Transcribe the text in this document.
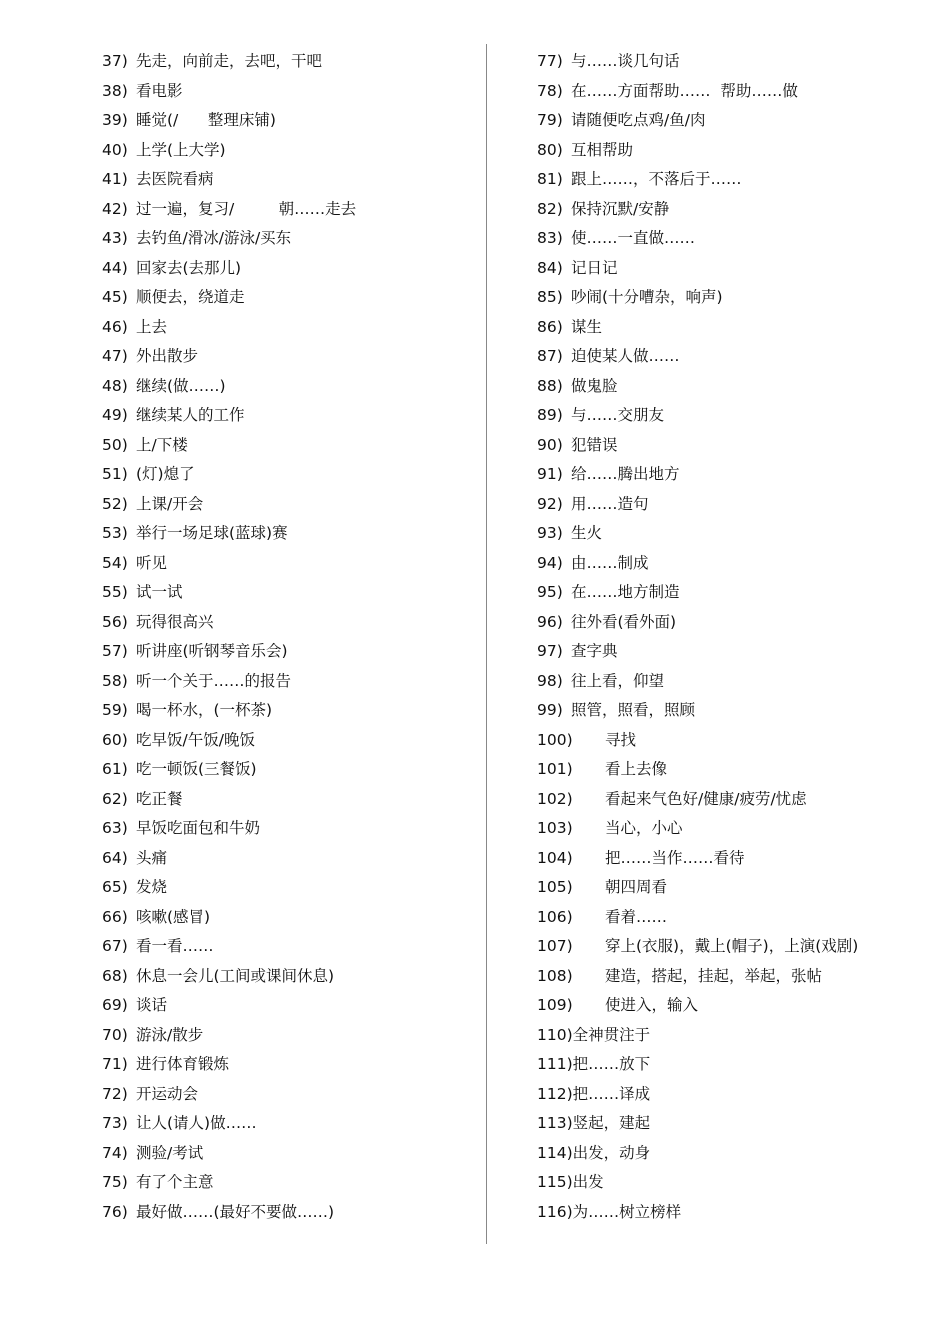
37) 先走，向前走，去吧，干吧
38) 看电影
39) 睡觉(/      整理床铺)
40) 上学(上大学)
41) 去医院看病
42) 过一遍，复习/         朝……走去
43) 去钓鱼/滑冰/游泳/买东
44) 回家去(去那儿)
45) 顺便去，绕道走
46) 上去
47) 外出散步
48) 继续(做……)
49) 继续某人的工作
50) 上/下楼
51) (灯)熄了
52) 上课/开会
53) 举行一场足球(蓝球)赛
54) 听见
55) 试一试
56) 玩得很高兴
57) 听讲座(听钢琴音乐会)
58) 听一个关于……的报告
59) 喝一杯水，(一杯茶)
60) 吃早饭/午饭/晚饭
61) 吃一顿饭(三餐饭)
62) 吃正餐
63) 早饭吃面包和牛奶
64) 头痛
65) 发烧
66) 咳嗽(感冒)
67) 看一看……
68) 休息一会儿(工间或课间休息)
69) 谈话
70) 游泳/散步
71) 进行体育锻炼
72) 开运动会
73) 让人(请人)做……
74) 测验/考试
75) 有了个主意
76) 最好做……(最好不要做……)
77) 与……谈几句话
78) 在……方面帮助……  帮助……做
79) 请随便吃点鸡/鱼/肉
80) 互相帮助
81) 跟上……，不落后于……
82) 保持沉默/安静
83) 使……一直做……
84) 记日记
85) 吵闹(十分嘈杂，响声)
86) 谋生
87) 迫使某人做……
88) 做鬼脸
89) 与……交朋友
90) 犯错误
91) 给……腾出地方
92) 用……造句
93) 生火
94) 由……制成
95) 在……地方制造
96) 往外看(看外面)
97) 查字典
98) 往上看，仰望
99) 照管，照看，照顾
100)	寻找
101)	看上去像
102)	看起来气色好/健康/疲劳/忧虑
103)	当心，小心
104)	把……当作……看待
105)	朝四周看
106)	看着……
107)	穿上(衣服)，戴上(帽子)，上演(戏剧)
108)	建造，搭起，挂起，举起，张帖
109)	使进入，输入
110) 全神贯注于
111) 把……放下
112) 把……译成
113) 竖起，建起
114) 出发，动身
115) 出发
116) 为……树立榜样
